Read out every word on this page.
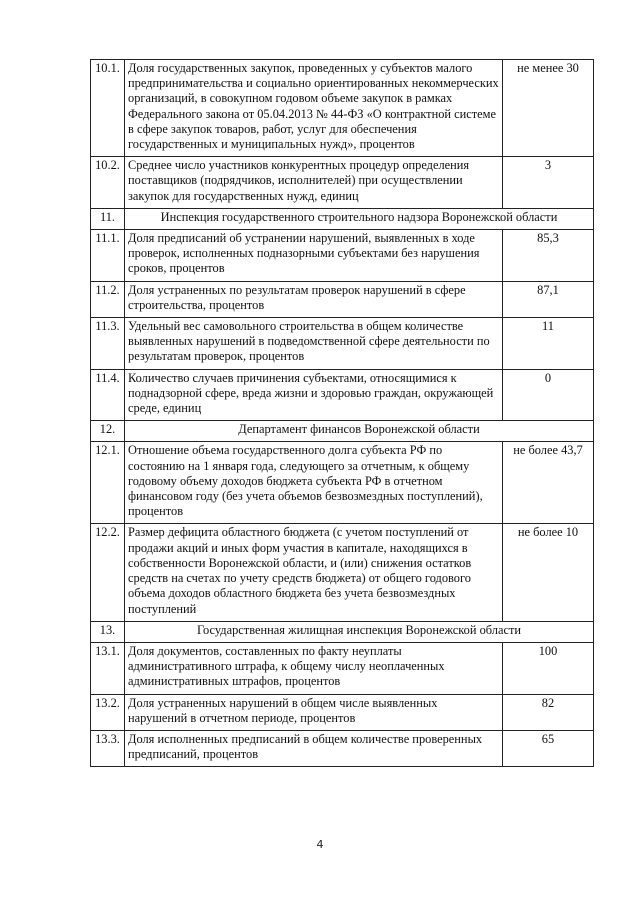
10.1.	Доля государственных закупок, проведенных у субъектов малого предпринимательства и социально ориентированных некоммерческих организаций, в совокупном годовом объеме закупок в рамках Федерального закона от 05.04.2013 № 44-ФЗ «О контрактной системе в сфере закупок товаров, работ, услуг для обеспечения государственных и муниципальных нужд», процентов	не менее 30
10.2.	Среднее число участников конкурентных процедур определения поставщиков (подрядчиков, исполнителей) при осуществлении закупок для государственных нужд, единиц	3
11.	Инспекция государственного строительного надзора Воронежской области	
11.1.	Доля предписаний об устранении нарушений, выявленных в ходе проверок, исполненных подназорными субъектами без нарушения сроков, процентов	85,3
11.2.	Доля устраненных по результатам проверок нарушений в сфере строительства, процентов	87,1
11.3.	Удельный вес самовольного строительства в общем количестве выявленных нарушений в подведомственной сфере деятельности по результатам проверок, процентов	11
11.4.	Количество случаев причинения субъектами, относящимися к поднадзорной сфере, вреда жизни и здоровью граждан, окружающей среде, единиц	0
12.	Департамент финансов Воронежской области	
12.1.	Отношение объема государственного долга субъекта РФ по состоянию на 1 января года, следующего за отчетным, к общему годовому объему доходов бюджета субъекта РФ в отчетном финансовом году (без учета объемов безвозмездных поступлений), процентов	не более 43,7
12.2.	Размер дефицита областного бюджета (с учетом поступлений от продажи акций и иных форм участия в капитале, находящихся в собственности Воронежской области, и (или) снижения остатков средств на счетах по учету средств бюджета) от общего годового объема доходов областного бюджета без учета безвозмездных поступлений	не более 10
13.	Государственная жилищная инспекция Воронежской области	
13.1.	Доля документов, составленных по факту неуплаты административного штрафа, к общему числу неоплаченных административных штрафов, процентов	100
13.2.	Доля устраненных нарушений в общем числе выявленных нарушений в отчетном периоде, процентов	82
13.3.	Доля исполненных предписаний в общем количестве проверенных предписаний, процентов	65
4
